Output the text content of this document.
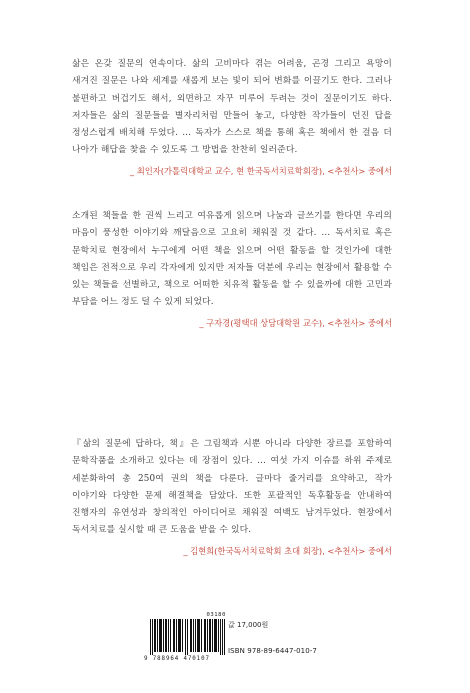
삶은 온갖 질문의 연속이다. 삶의 고비마다 겪는 어려움, 곤경 그리고 욕망이 새겨진 질문은 나와 세계를 새롭게 보는 빛이 되어 변화를 이끌기도 한다. 그러나 불편하고 버겁기도 해서, 외면하고 자꾸 미루어 두려는 것이 질문이기도 하다. 저자들은 삶의 질문들을 별자리처럼 만들어 놓고, 다양한 작가들이 던진 답을 정성스럽게 배치해 두었다. … 독자가 스스로 책을 통해 혹은 책에서 한 걸음 더 나아가 해답을 찾을 수 있도록 그 방법을 찬찬히 일러준다.

_ 최인자(가톨릭대학교 교수, 현 한국독서치료학회장), <추천사> 중에서

소개된 책들을 한 권씩 느리고 여유롭게 읽으며 나눔과 글쓰기를 한다면 우리의 마음이 풍성한 이야기와 깨달음으로 고요히 채워질 것 같다. … 독서치료 혹은 문학치료 현장에서 누구에게 어떤 책을 읽으며 어떤 활동을 할 것인가에 대한 책임은 전적으로 우리 각자에게 있지만 저자들 덕분에 우리는 현장에서 활용할 수 있는 책들을 선별하고, 책으로 어떠한 치유적 활동을 할 수 있을까에 대한 고민과 부담을 어느 정도 덜 수 있게 되었다.

_ 구자경(평택대 상담대학원 교수), <추천사> 중에서

『삶의 질문에 답하다, 책』은 그림책과 시뿐 아니라 다양한 장르를 포함하여 문학작품을 소개하고 있다는 데 장점이 있다. … 여섯 가지 이슈를 하위 주제로 세분화하여 총 250여 권의 책을 다룬다. 글마다 줄거리를 요약하고, 작가 이야기와 다양한 문제 해결책을 담았다. 또한 포괄적인 독후활동을 안내하여 진행자의 유연성과 창의적인 아이디어로 채워질 여백도 남겨두었다. 현장에서 독서치료를 실시할 때 큰 도움을 받을 수 있다.

_ 김현희(한국독서치료학회 초대 회장), <추천사> 중에서
03180
9 788964 470107
값 17,000원
ISBN 978-89-6447-010-7
